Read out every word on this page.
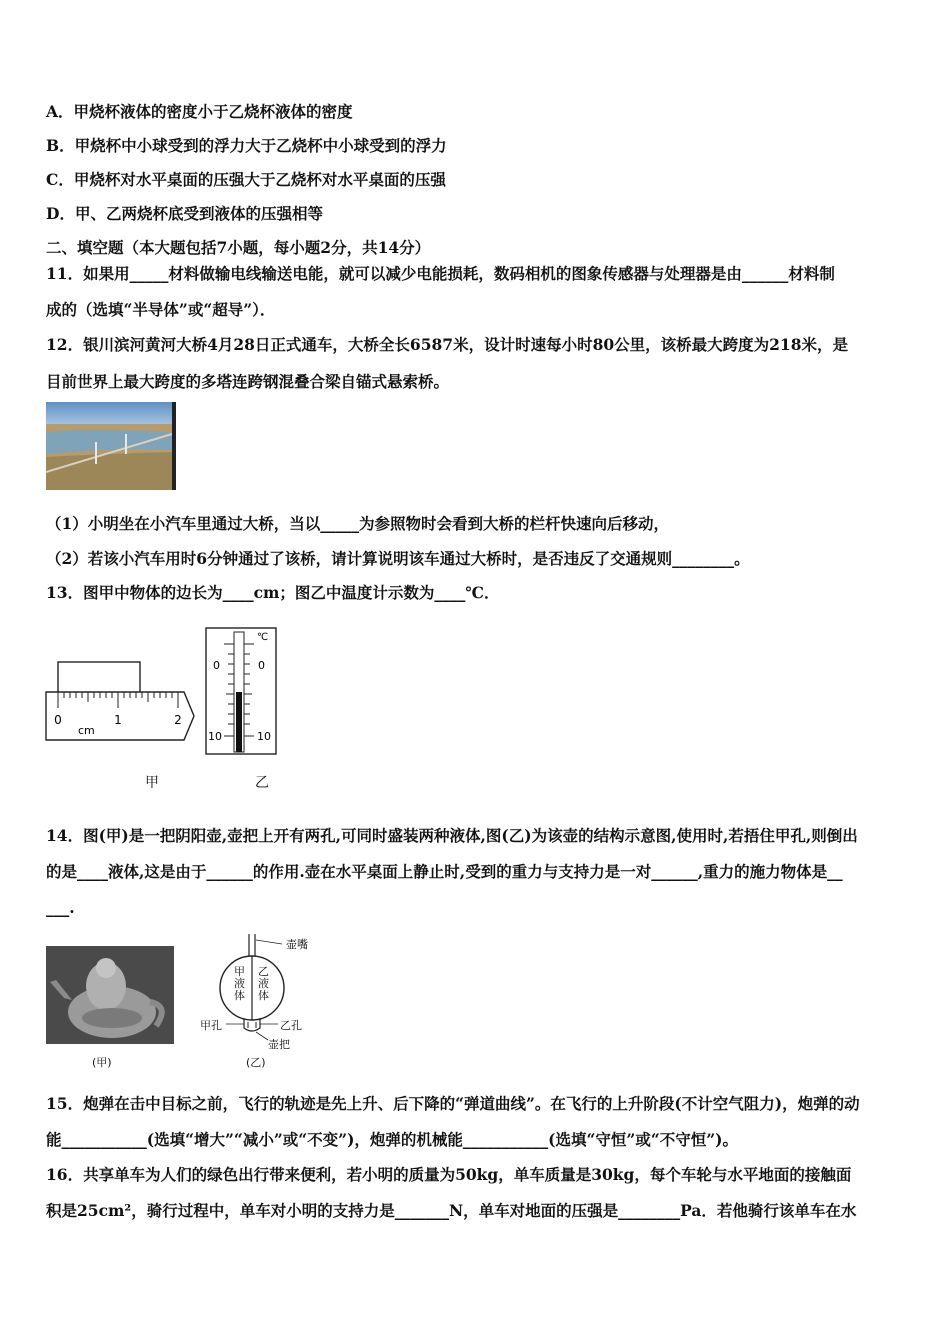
A．甲烧杯液体的密度小于乙烧杯液体的密度
B．甲烧杯中小球受到的浮力大于乙烧杯中小球受到的浮力
C．甲烧杯对水平桌面的压强大于乙烧杯对水平桌面的压强
D．甲、乙两烧杯底受到液体的压强相等
二、填空题（本大题包括7小题，每小题2分，共14分）
11．如果用_____材料做输电线输送电能，就可以减少电能损耗，数码相机的图象传感器与处理器是由______材料制
成的（选填“半导体”或“超导”）．
12．银川滨河黄河大桥4月28日正式通车，大桥全长6587米，设计时速每小时80公里，该桥最大跨度为218米，是
目前世界上最大跨度的多塔连跨钢混叠合梁自锚式悬索桥。
（1）小明坐在小汽车里通过大桥，当以_____为参照物时会看到大桥的栏杆快速向后移动，
（2）若该小汽车用时6分钟通过了该桥，请计算说明该车通过大桥时，是否违反了交通规则________。
13．图甲中物体的边长为____cm；图乙中温度计示数为____℃．
0	1	2
cm
℃
0	0
10	10
甲	乙
14．图(甲)是一把阴阳壶,壶把上开有两孔,可同时盛装两种液体,图(乙)为该壶的结构示意图,使用时,若捂住甲孔,则倒出
的是____液体,这是由于______的作用.壶在水平桌面上静止时,受到的重力与支持力是一对______,重力的施力物体是__
___.
(甲)
壶嘴
甲液体
乙液体
甲孔	乙孔
壶把
(乙)
15．炮弹在击中目标之前，飞行的轨迹是先上升、后下降的“弹道曲线”。在飞行的上升阶段(不计空气阻力)，炮弹的动
能___________(选填“增大”“减小”或“不变”)，炮弹的机械能___________(选填“守恒”或“不守恒”)。
16．共享单车为人们的绿色出行带来便利，若小明的质量为50kg，单车质量是30kg，每个车轮与水平地面的接触面
积是25cm²，骑行过程中，单车对小明的支持力是_______N，单车对地面的压强是________Pa．若他骑行该单车在水
